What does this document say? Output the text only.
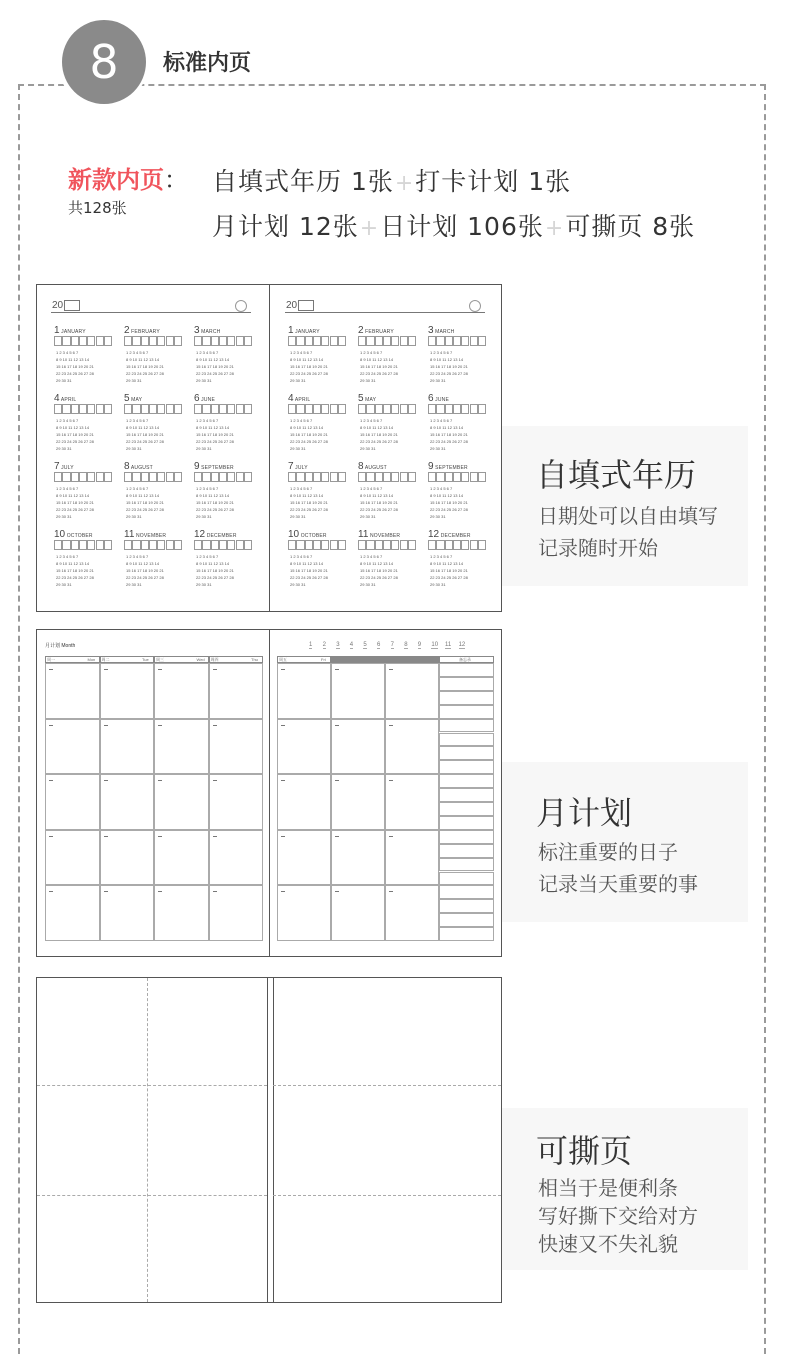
8	标准内页
新款内页：
共128张
自填式年历 1张+打卡计划 1张
月计划 12张+日计划 106张+可撕页 8张
20
1 JANUARY
1 2 3 4 5 6 7
8 9 10 11 12 13 14
15 16 17 18 19 20 21
22 23 24 25 26 27 28
29 30 31
2 FEBRUARY
1 2 3 4 5 6 7
8 9 10 11 12 13 14
15 16 17 18 19 20 21
22 23 24 25 26 27 28
29 30 31
3 MARCH
1 2 3 4 5 6 7
8 9 10 11 12 13 14
15 16 17 18 19 20 21
22 23 24 25 26 27 28
29 30 31
4 APRIL
1 2 3 4 5 6 7
8 9 10 11 12 13 14
15 16 17 18 19 20 21
22 23 24 25 26 27 28
29 30 31
5 MAY
1 2 3 4 5 6 7
8 9 10 11 12 13 14
15 16 17 18 19 20 21
22 23 24 25 26 27 28
29 30 31
6 JUNE
1 2 3 4 5 6 7
8 9 10 11 12 13 14
15 16 17 18 19 20 21
22 23 24 25 26 27 28
29 30 31
7 JULY
1 2 3 4 5 6 7
8 9 10 11 12 13 14
15 16 17 18 19 20 21
22 23 24 25 26 27 28
29 30 31
8 AUGUST
1 2 3 4 5 6 7
8 9 10 11 12 13 14
15 16 17 18 19 20 21
22 23 24 25 26 27 28
29 30 31
9 SEPTEMBER
1 2 3 4 5 6 7
8 9 10 11 12 13 14
15 16 17 18 19 20 21
22 23 24 25 26 27 28
29 30 31
10 OCTOBER
1 2 3 4 5 6 7
8 9 10 11 12 13 14
15 16 17 18 19 20 21
22 23 24 25 26 27 28
29 30 31
11 NOVEMBER
1 2 3 4 5 6 7
8 9 10 11 12 13 14
15 16 17 18 19 20 21
22 23 24 25 26 27 28
29 30 31
12 DECEMBER
1 2 3 4 5 6 7
8 9 10 11 12 13 14
15 16 17 18 19 20 21
22 23 24 25 26 27 28
29 30 31
20
1 JANUARY
1 2 3 4 5 6 7
8 9 10 11 12 13 14
15 16 17 18 19 20 21
22 23 24 25 26 27 28
29 30 31
2 FEBRUARY
1 2 3 4 5 6 7
8 9 10 11 12 13 14
15 16 17 18 19 20 21
22 23 24 25 26 27 28
29 30 31
3 MARCH
1 2 3 4 5 6 7
8 9 10 11 12 13 14
15 16 17 18 19 20 21
22 23 24 25 26 27 28
29 30 31
4 APRIL
1 2 3 4 5 6 7
8 9 10 11 12 13 14
15 16 17 18 19 20 21
22 23 24 25 26 27 28
29 30 31
5 MAY
1 2 3 4 5 6 7
8 9 10 11 12 13 14
15 16 17 18 19 20 21
22 23 24 25 26 27 28
29 30 31
6 JUNE
1 2 3 4 5 6 7
8 9 10 11 12 13 14
15 16 17 18 19 20 21
22 23 24 25 26 27 28
29 30 31
7 JULY
1 2 3 4 5 6 7
8 9 10 11 12 13 14
15 16 17 18 19 20 21
22 23 24 25 26 27 28
29 30 31
8 AUGUST
1 2 3 4 5 6 7
8 9 10 11 12 13 14
15 16 17 18 19 20 21
22 23 24 25 26 27 28
29 30 31
9 SEPTEMBER
1 2 3 4 5 6 7
8 9 10 11 12 13 14
15 16 17 18 19 20 21
22 23 24 25 26 27 28
29 30 31
10 OCTOBER
1 2 3 4 5 6 7
8 9 10 11 12 13 14
15 16 17 18 19 20 21
22 23 24 25 26 27 28
29 30 31
11 NOVEMBER
1 2 3 4 5 6 7
8 9 10 11 12 13 14
15 16 17 18 19 20 21
22 23 24 25 26 27 28
29 30 31
12 DECEMBER
1 2 3 4 5 6 7
8 9 10 11 12 13 14
15 16 17 18 19 20 21
22 23 24 25 26 27 28
29 30 31
自填式年历

日期处可以自由填写

记录随时开始

月计划 Month
周一	Mon 周二	Tue 周三	Wed 周四	Thu
1 2 3 4 5 6 7 8 9 10 11 12
周五	Fri	备忘录
月计划

标注重要的日子

记录当天重要的事

可撕页

相当于是便利条

写好撕下交给对方

快速又不失礼貌
